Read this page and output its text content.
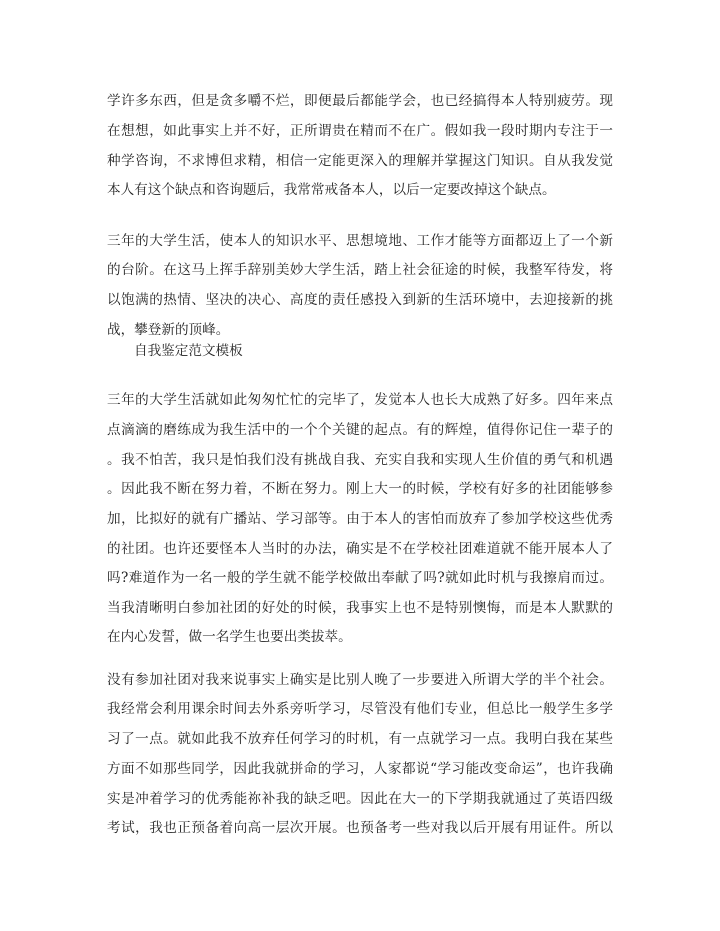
学许多东西，但是贪多嚼不烂，即便最后都能学会，也已经搞得本人特别疲劳。现
在想想，如此事实上并不好，正所谓贵在精而不在广。假如我一段时期内专注于一
种学咨询，不求博但求精，相信一定能更深入的理解并掌握这门知识。自从我发觉
本人有这个缺点和咨询题后，我常常戒备本人，以后一定要改掉这个缺点。
三年的大学生活，使本人的知识水平、思想境地、工作才能等方面都迈上了一个新
的台阶。在这马上挥手辞别美妙大学生活，踏上社会征途的时候，我整军待发，将
以饱满的热情、坚决的决心、高度的责任感投入到新的生活环境中，去迎接新的挑
战，攀登新的顶峰。
自我鉴定范文模板
三年的大学生活就如此匆匆忙忙的完毕了，发觉本人也长大成熟了好多。四年来点
点滴滴的磨练成为我生活中的一个个关键的起点。有的辉煌，值得你记住一辈子的
。我不怕苦，我只是怕我们没有挑战自我、充实自我和实现人生价值的勇气和机遇
。因此我不断在努力着，不断在努力。刚上大一的时候，学校有好多的社团能够参
加，比拟好的就有广播站、学习部等。由于本人的害怕而放弃了参加学校这些优秀
的社团。也许还要怪本人当时的办法，确实是不在学校社团难道就不能开展本人了
吗?难道作为一名一般的学生就不能学校做出奉献了吗?就如此时机与我擦肩而过。
当我清晰明白参加社团的好处的时候，我事实上也不是特别懊悔，而是本人默默的
在内心发誓，做一名学生也要出类拔萃。
没有参加社团对我来说事实上确实是比别人晚了一步要进入所谓大学的半个社会。
我经常会利用课余时间去外系旁听学习，尽管没有他们专业，但总比一般学生多学
习了一点。就如此我不放弃任何学习的时机，有一点就学习一点。我明白我在某些
方面不如那些同学，因此我就拼命的学习，人家都说“学习能改变命运”，也许我确
实是冲着学习的优秀能祢补我的缺乏吧。因此在大一的下学期我就通过了英语四级
考试，我也正预备着向高一层次开展。也预备考一些对我以后开展有用证件。所以
